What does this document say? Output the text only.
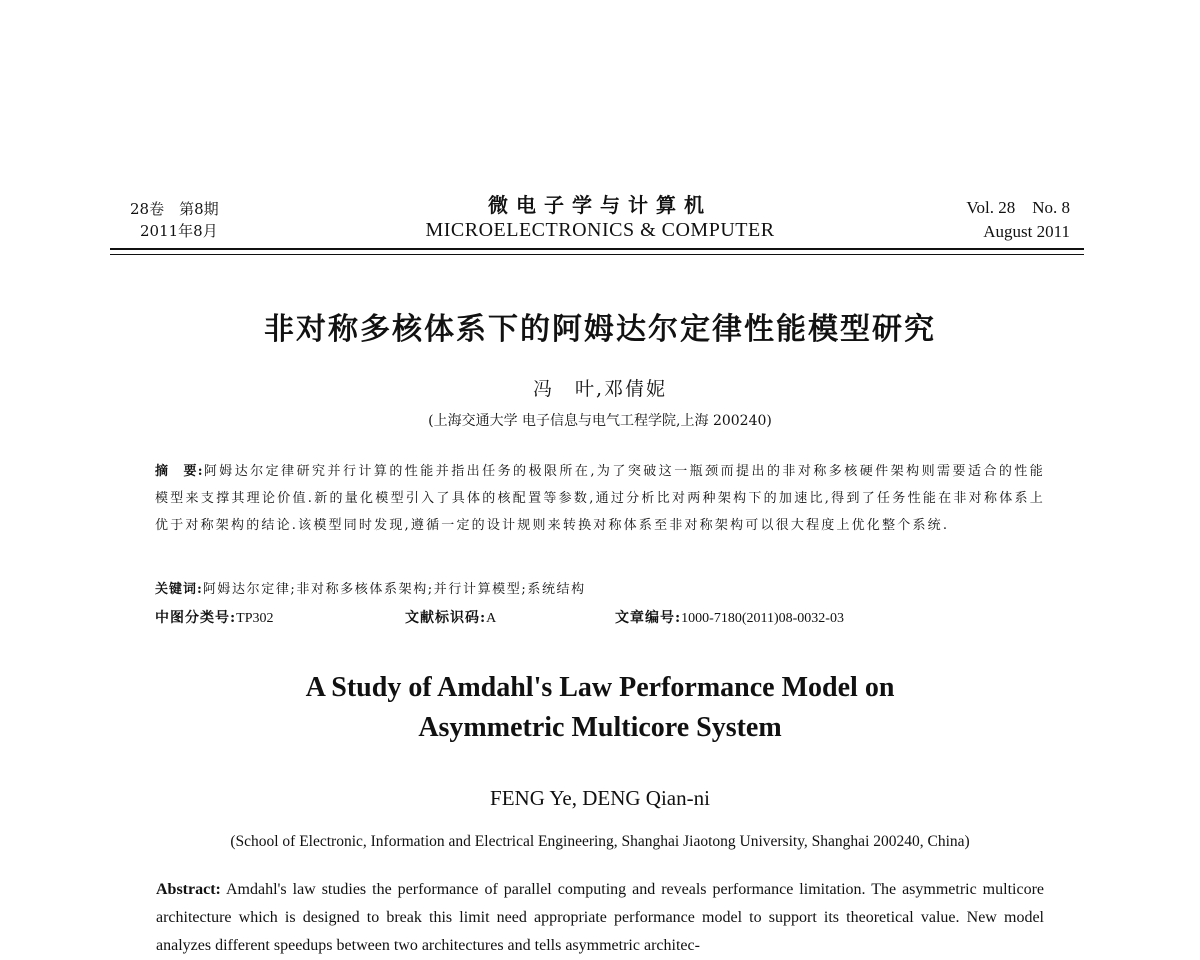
28卷　第8期
2011年8月
微电子学与计算机
MICROELECTRONICS & COMPUTER
Vol. 28　No. 8
August 2011
非对称多核体系下的阿姆达尔定律性能模型研究
冯　叶,邓倩妮
(上海交通大学 电子信息与电气工程学院,上海 200240)
摘　要:阿姆达尔定律研究并行计算的性能并指出任务的极限所在,为了突破这一瓶颈而提出的非对称多核硬件架构则需要适合的性能模型来支撑其理论价值.新的量化模型引入了具体的核配置等参数,通过分析比对两种架构下的加速比,得到了任务性能在非对称体系上优于对称架构的结论.该模型同时发现,遵循一定的设计规则来转换对称体系至非对称架构可以很大程度上优化整个系统.
关键词:阿姆达尔定律;非对称多核体系架构;并行计算模型;系统结构
中图分类号:TP302	文献标识码:A	文章编号:1000-7180(2011)08-0032-03
A Study of Amdahl's Law Performance Model on
Asymmetric Multicore System
FENG Ye, DENG Qian-ni
(School of Electronic, Information and Electrical Engineering, Shanghai Jiaotong University, Shanghai 200240, China)
Abstract: Amdahl's law studies the performance of parallel computing and reveals performance limitation. The asymmetric multicore architecture which is designed to break this limit need appropriate performance model to support its theoretical value. New model analyzes different speedups between two architectures and tells asymmetric architec-
